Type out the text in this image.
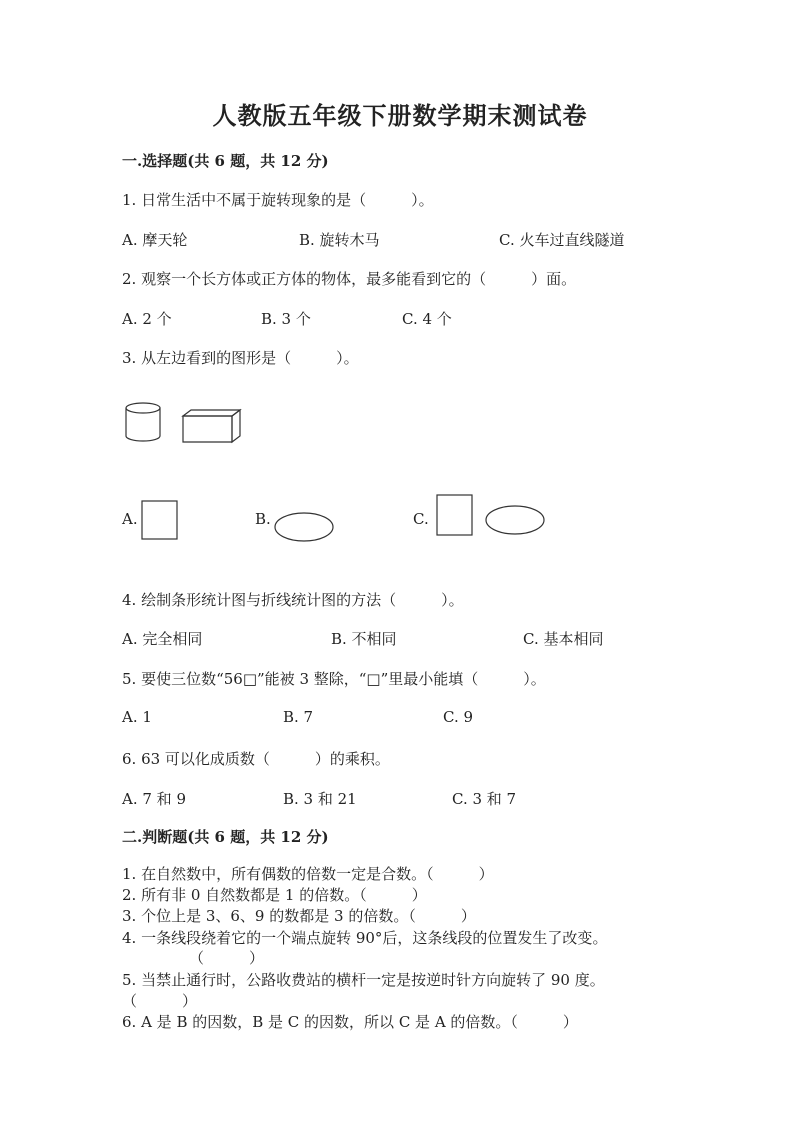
人教版五年级下册数学期末测试卷
一.选择题(共 6 题，共 12 分)
1. 日常生活中不属于旋转现象的是（　　　）。
A. 摩天轮	B. 旋转木马	C. 火车过直线隧道
2. 观察一个长方体或正方体的物体，最多能看到它的（　　　）面。
A. 2 个	B. 3 个	C. 4 个
3. 从左边看到的图形是（　　　）。
A.	B.	C.
4. 绘制条形统计图与折线统计图的方法（　　　）。
A. 完全相同	B. 不相同	C. 基本相同
5. 要使三位数“56□”能被 3 整除，“□”里最小能填（　　　）。
A. 1	B. 7	C. 9
6. 63 可以化成质数（　　　）的乘积。
A. 7 和 9	B. 3 和 21	C. 3 和 7
二.判断题(共 6 题，共 12 分)
1. 在自然数中，所有偶数的倍数一定是合数。（　　　）
2. 所有非 0 自然数都是 1 的倍数。（　　　）
3. 个位上是 3、6、9 的数都是 3 的倍数。（　　　）
4. 一条线段绕着它的一个端点旋转 90°后，这条线段的位置发生了改变。
（　　　）
5. 当禁止通行时，公路收费站的横杆一定是按逆时针方向旋转了 90 度。
（　　　）
6. A 是 B 的因数，B 是 C 的因数，所以 C 是 A 的倍数。（　　　）
